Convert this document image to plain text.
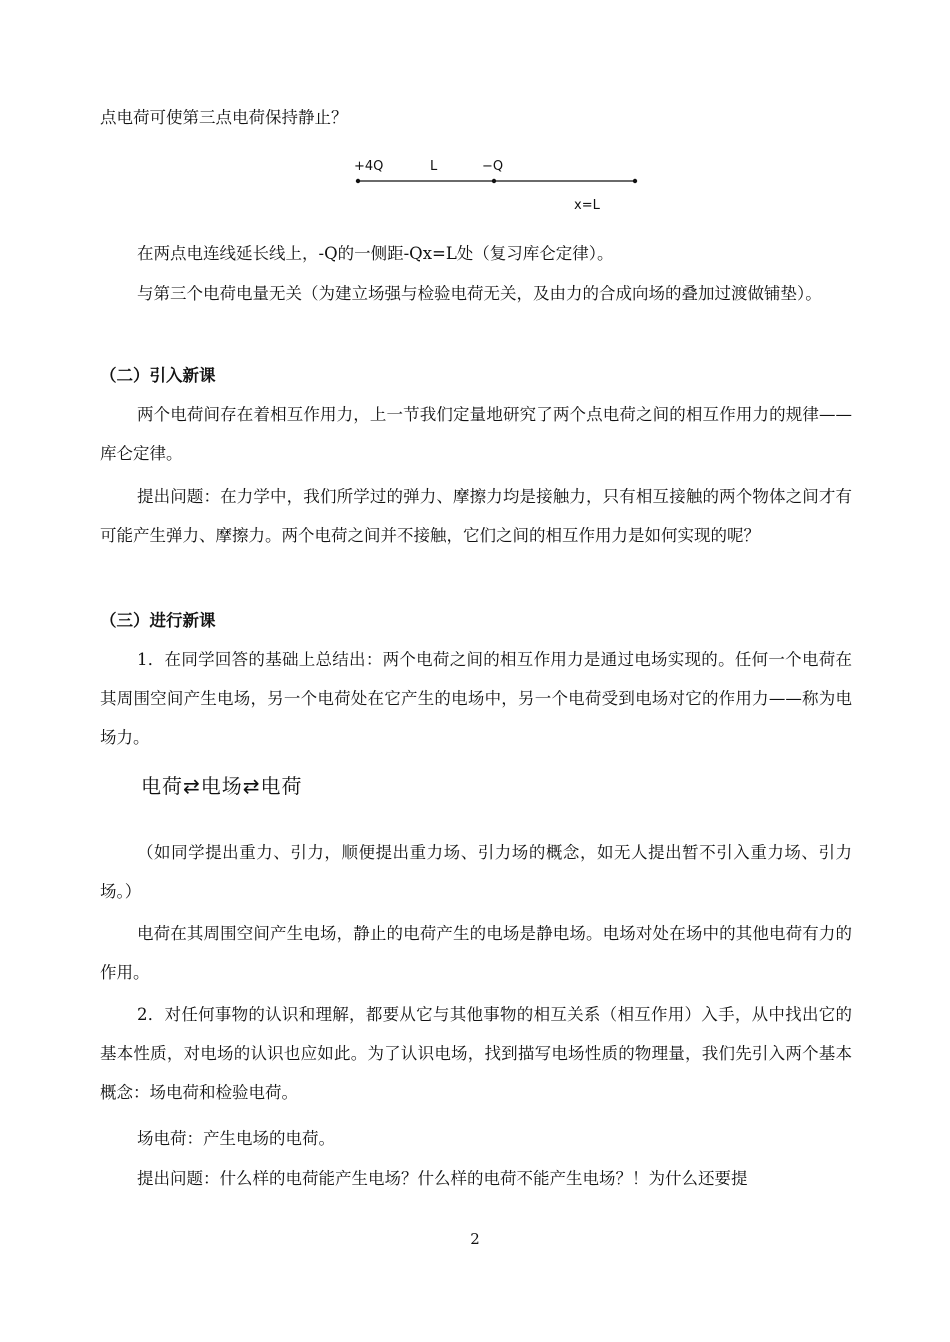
点电荷可使第三点电荷保持静止？

+4Q	L	−Q
x=L

在两点电连线延长线上，-Q的一侧距-Qx=L处（复习库仑定律）。

与第三个电荷电量无关（为建立场强与检验电荷无关，及由力的合成向场的叠加过渡做铺垫）。

（二）引入新课

两个电荷间存在着相互作用力，上一节我们定量地研究了两个点电荷之间的相互作用力的规律——库仑定律。

提出问题：在力学中，我们所学过的弹力、摩擦力均是接触力，只有相互接触的两个物体之间才有可能产生弹力、摩擦力。两个电荷之间并不接触，它们之间的相互作用力是如何实现的呢？

（三）进行新课

1．在同学回答的基础上总结出：两个电荷之间的相互作用力是通过电场实现的。任何一个电荷在其周围空间产生电场，另一个电荷处在它产生的电场中，另一个电荷受到电场对它的作用力——称为电场力。

电荷⇄电场⇄电荷

（如同学提出重力、引力，顺便提出重力场、引力场的概念，如无人提出暂不引入重力场、引力场。）

电荷在其周围空间产生电场，静止的电荷产生的电场是静电场。电场对处在场中的其他电荷有力的作用。

2．对任何事物的认识和理解，都要从它与其他事物的相互关系（相互作用）入手，从中找出它的基本性质，对电场的认识也应如此。为了认识电场，找到描写电场性质的物理量，我们先引入两个基本概念：场电荷和检验电荷。

场电荷：产生电场的电荷。

提出问题：什么样的电荷能产生电场？什么样的电荷不能产生电场？！为什么还要提

2
